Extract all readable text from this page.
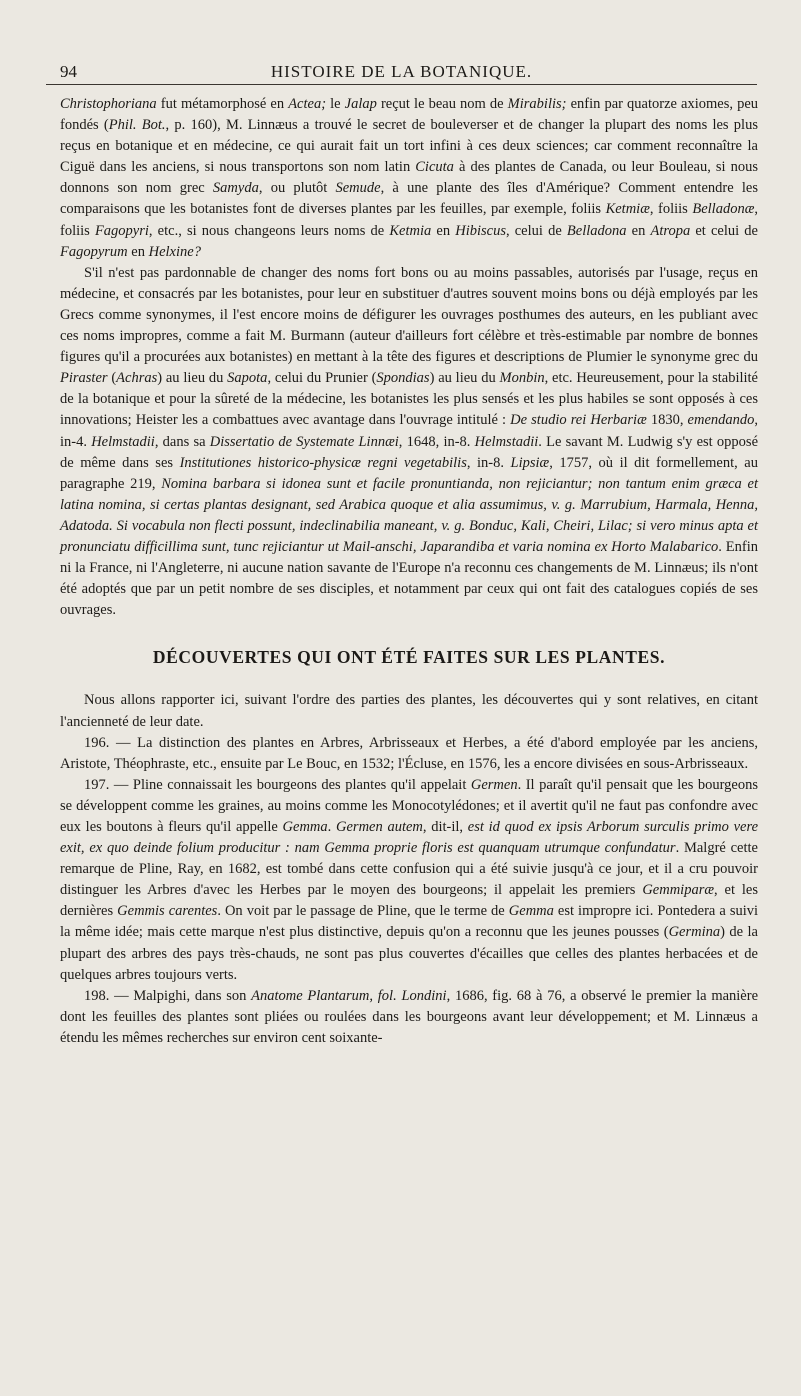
94	HISTOIRE DE LA BOTANIQUE.

Christophoriana fut métamorphosé en Actea; le Jalap reçut le beau nom de Mirabilis; enfin par quatorze axiomes, peu fondés (Phil. Bot., p. 160), M. Linnæus a trouvé le secret de bouleverser et de changer la plupart des noms les plus reçus en botanique et en médecine, ce qui aurait fait un tort infini à ces deux sciences; car comment reconnaître la Ciguë dans les anciens, si nous transportons son nom latin Cicuta à des plantes de Canada, ou leur Bouleau, si nous donnons son nom grec Samyda, ou plutôt Semude, à une plante des îles d'Amérique? Comment entendre les comparaisons que les botanistes font de diverses plantes par les feuilles, par exemple, foliis Ketmiæ, foliis Belladonæ, foliis Fagopyri, etc., si nous changeons leurs noms de Ketmia en Hibiscus, celui de Belladona en Atropa et celui de Fagopyrum en Helxine?

S'il n'est pas pardonnable de changer des noms fort bons ou au moins passables, autorisés par l'usage, reçus en médecine, et consacrés par les botanistes, pour leur en substituer d'autres souvent moins bons ou déjà employés par les Grecs comme synonymes, il l'est encore moins de défigurer les ouvrages posthumes des auteurs, en les publiant avec ces noms impropres, comme a fait M. Burmann (auteur d'ailleurs fort célèbre et très-estimable par nombre de bonnes figures qu'il a procurées aux botanistes) en mettant à la tête des figures et descriptions de Plumier le synonyme grec du Piraster (Achras) au lieu du Sapota, celui du Prunier (Spondias) au lieu du Monbin, etc. Heureusement, pour la stabilité de la botanique et pour la sûreté de la médecine, les botanistes les plus sensés et les plus habiles se sont opposés à ces innovations; Heister les a combattues avec avantage dans l'ouvrage intitulé : De studio rei Herbariæ 1830, emendando, in-4. Helmstadii, dans sa Dissertatio de Systemate Linnæi, 1648, in-8. Helmstadii. Le savant M. Ludwig s'y est opposé de même dans ses Institutiones historico-physicæ regni vegetabilis, in-8. Lipsiæ, 1757, où il dit formellement, au paragraphe 219, Nomina barbara si idonea sunt et facile pronuntianda, non rejiciantur; non tantum enim græca et latina nomina, si certas plantas designant, sed Arabica quoque et alia assumimus, v. g. Marrubium, Harmala, Henna, Adatoda. Si vocabula non flecti possunt, indeclinabilia maneant, v. g. Bonduc, Kali, Cheiri, Lilac; si vero minus apta et pronunciatu difficillima sunt, tunc rejiciantur ut Mail-anschi, Japarandiba et varia nomina ex Horto Malabarico. Enfin ni la France, ni l'Angleterre, ni aucune nation savante de l'Europe n'a reconnu ces changements de M. Linnæus; ils n'ont été adoptés que par un petit nombre de ses disciples, et notamment par ceux qui ont fait des catalogues copiés de ses ouvrages.

DÉCOUVERTES QUI ONT ÉTÉ FAITES SUR LES PLANTES.

Nous allons rapporter ici, suivant l'ordre des parties des plantes, les découvertes qui y sont relatives, en citant l'ancienneté de leur date.

196. — La distinction des plantes en Arbres, Arbrisseaux et Herbes, a été d'abord employée par les anciens, Aristote, Théophraste, etc., ensuite par Le Bouc, en 1532; l'Écluse, en 1576, les a encore divisées en sous-Arbrisseaux.

197. — Pline connaissait les bourgeons des plantes qu'il appelait Germen. Il paraît qu'il pensait que les bourgeons se développent comme les graines, au moins comme les Monocotylédones; et il avertit qu'il ne faut pas confondre avec eux les boutons à fleurs qu'il appelle Gemma. Germen autem, dit-il, est id quod ex ipsis Arborum surculis primo vere exit, ex quo deinde folium producitur : nam Gemma proprie floris est quanquam utrumque confundatur. Malgré cette remarque de Pline, Ray, en 1682, est tombé dans cette confusion qui a été suivie jusqu'à ce jour, et il a cru pouvoir distinguer les Arbres d'avec les Herbes par le moyen des bourgeons; il appelait les premiers Gemmiparæ, et les dernières Gemmis carentes. On voit par le passage de Pline, que le terme de Gemma est impropre ici. Pontedera a suivi la même idée; mais cette marque n'est plus distinctive, depuis qu'on a reconnu que les jeunes pousses (Germina) de la plupart des arbres des pays très-chauds, ne sont pas plus couvertes d'écailles que celles des plantes herbacées et de quelques arbres toujours verts.

198. — Malpighi, dans son Anatome Plantarum, fol. Londini, 1686, fig. 68 à 76, a observé le premier la manière dont les feuilles des plantes sont pliées ou roulées dans les bourgeons avant leur développement; et M. Linnæus a étendu les mêmes recherches sur environ cent soixante-
